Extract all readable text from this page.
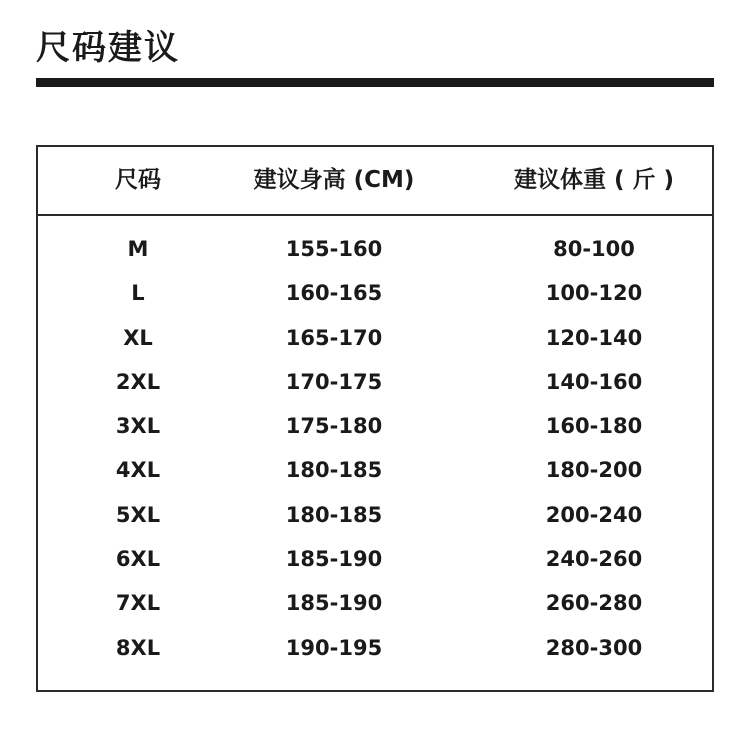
尺码建议
尺码	建议身高 (CM)	建议体重 ( 斤 )
M	155-160	80-100
L	160-165	100-120
XL	165-170	120-140
2XL	170-175	140-160
3XL	175-180	160-180
4XL	180-185	180-200
5XL	180-185	200-240
6XL	185-190	240-260
7XL	185-190	260-280
8XL	190-195	280-300
